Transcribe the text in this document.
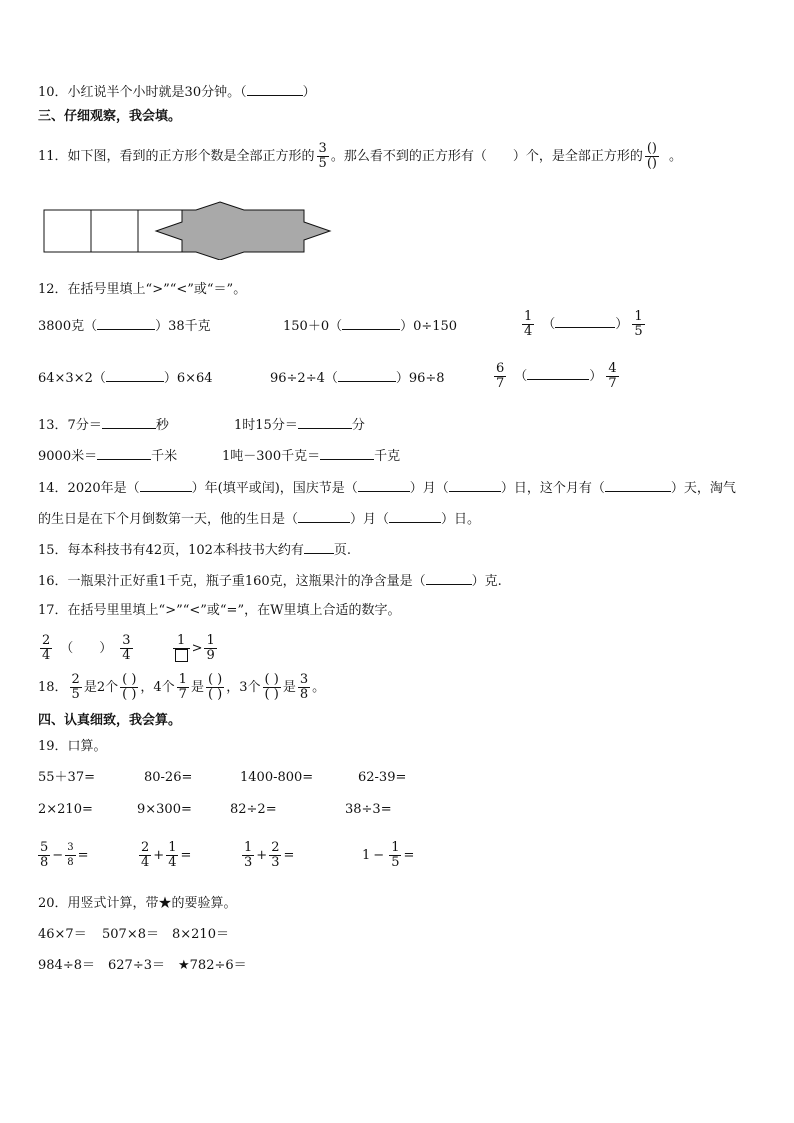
10．小红说半个小时就是30分钟。（	）
三、仔细观察，我会填。
11．如下图，看到的正方形个数是全部正方形的 $\frac{3}{5}$ 。那么看不到的正方形有（　　）个，是全部正方形的 $\frac{()}{()}$ 。
12．在括号里填上“>”“<”或“＝”。
3800克（	）38千克	150＋0（	）0÷150	$\frac{1}{4}$ （	） $\frac{1}{5}$
64×3×2（	）6×64	96÷2÷4（	）96÷8	$\frac{6}{7}$ （	） $\frac{4}{7}$
13．7分＝	秒	1时15分＝	分
9000米＝	千米	1吨－300千克＝	千克
14．2020年是（	）年(填平或闰)，国庆节是（	）月（	）日，这个月有（	）天，淘气
的生日是在下个月倒数第一天，他的生日是（	）月（	）日。
15．每本科技书有42页，102本科技书大约有 页.
16．一瓶果汁正好重1千克，瓶子重160克，这瓶果汁的净含量是（	）克.
17．在括号里里填上“>”“<”或“=”，在W里填上合适的数字。
$\frac{2}{4}$ （　　） $\frac{3}{4}$	1
> $\frac{1}{9}$
18． $\frac{2}{5}$ 是2个 $\frac{( )}{( )}$ ，4个 $\frac{1}{7}$ 是 $\frac{( )}{( )}$ ，3个 $\frac{( )}{( )}$ 是 $\frac{3}{8}$ 。
四、认真细致，我会算。
19．口算。
55＋37=	80-26=	1400-800=	62-39=
2×210=	9×300=	82÷2=	38÷3=
$\frac{5}{8} - \frac{3}{8}$ =	$\frac{2}{4} + \frac{1}{4}$ =	$\frac{1}{3} + \frac{2}{3}$ =	$1 - \frac{1}{5}$ =
20．用竖式计算，带★的要验算。
46×7＝ 507×8＝ 8×210＝
984÷8＝ 627÷3＝ ★782÷6＝
